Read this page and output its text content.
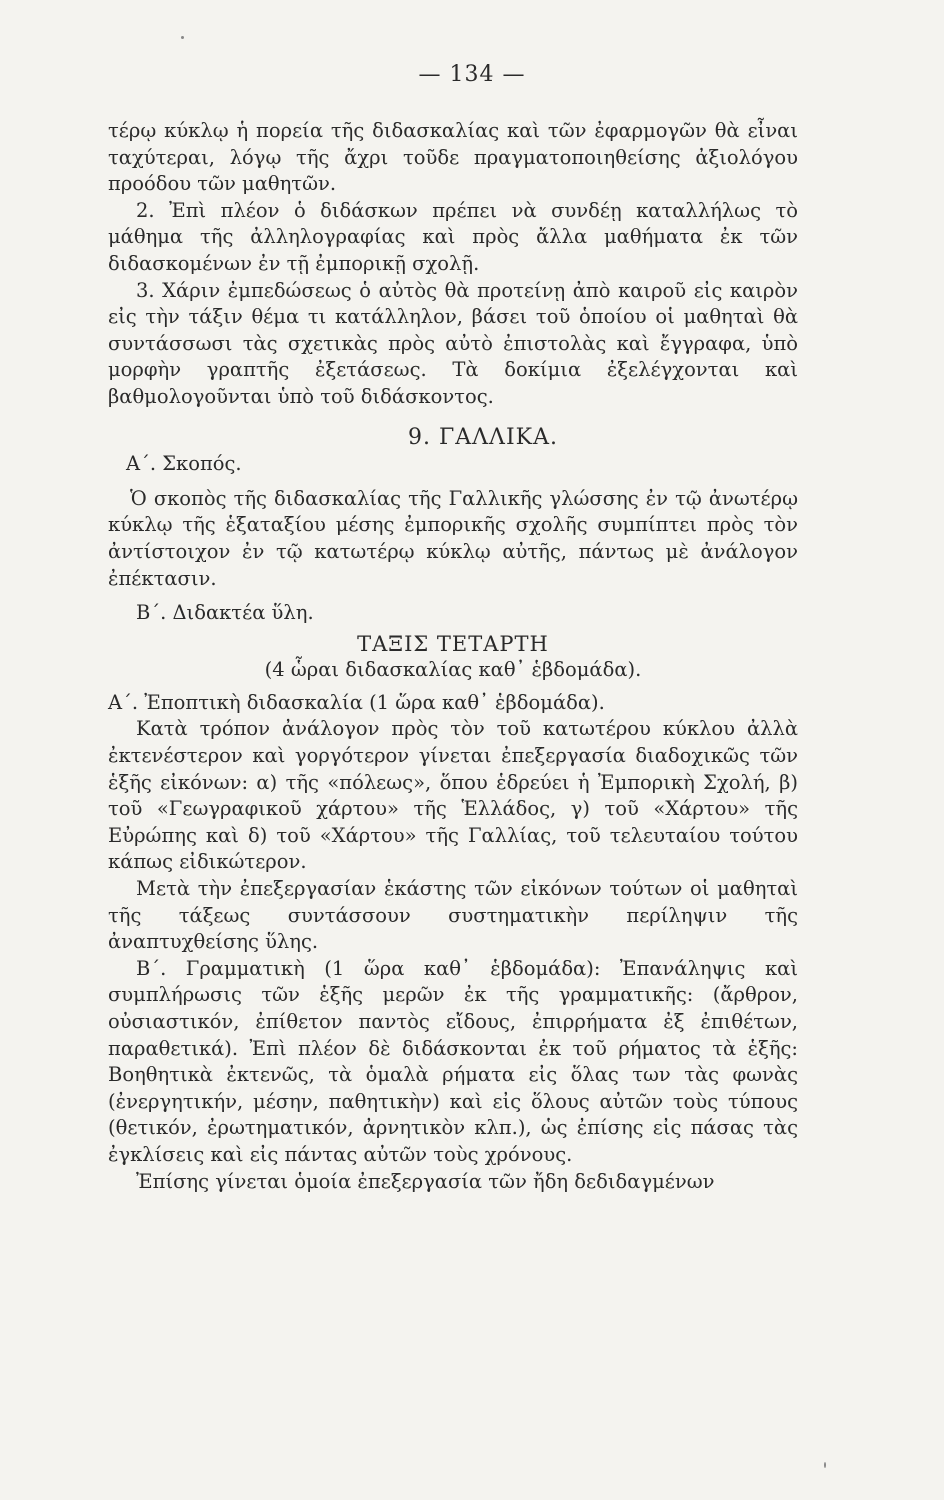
— 134 —

τέρῳ κύκλῳ ἡ πορεία τῆς διδασκαλίας καὶ τῶν ἐφαρμογῶν θὰ εἶναι ταχύτεραι, λόγῳ τῆς ἄχρι τοῦδε πραγματοποιηθείσης ἀξιολόγου προόδου τῶν μαθητῶν.

2. Ἐπὶ πλέον ὁ διδάσκων πρέπει νὰ συνδέῃ καταλλήλως τὸ μάθημα τῆς ἀλληλογραφίας καὶ πρὸς ἄλλα μαθήματα ἐκ τῶν διδασκομένων ἐν τῇ ἐμπορικῇ σχολῇ.

3. Χάριν ἐμπεδώσεως ὁ αὐτὸς θὰ προτείνῃ ἀπὸ καιροῦ εἰς καιρὸν εἰς τὴν τάξιν θέμα τι κατάλληλον, βάσει τοῦ ὁποίου οἱ μαθηταὶ θὰ συντάσσωσι τὰς σχετικὰς πρὸς αὐτὸ ἐπιστολὰς καὶ ἔγγραφα, ὑπὸ μορφὴν γραπτῆς ἐξετάσεως. Τὰ δοκίμια ἐξελέγχονται καὶ βαθμολογοῦνται ὑπὸ τοῦ διδάσκοντος.

9. ΓΑΛΛΙΚΑ.
Α΄. Σκοπός.

Ὁ σκοπὸς τῆς διδασκαλίας τῆς Γαλλικῆς γλώσσης ἐν τῷ ἀνωτέρῳ κύκλῳ τῆς ἑξαταξίου μέσης ἐμπορικῆς σχολῆς συμπίπτει πρὸς τὸν ἀντίστοιχον ἐν τῷ κατωτέρῳ κύκλῳ αὐτῆς, πάντως μὲ ἀνάλογον ἐπέκτασιν.

Β΄. Διδακτέα ὕλη.
ΤΑΞΙΣ ΤΕΤΑΡΤΗ
(4 ὧραι διδασκαλίας καθ᾽ ἑβδομάδα).

Α΄. Ἐποπτικὴ διδασκαλία (1 ὥρα καθ᾽ ἑβδομάδα).

Κατὰ τρόπον ἀνάλογον πρὸς τὸν τοῦ κατωτέρου κύκλου ἀλλὰ ἐκτενέστερον καὶ γοργότερον γίνεται ἐπεξεργασία διαδοχικῶς τῶν ἑξῆς εἰκόνων: α) τῆς «πόλεως», ὅπου ἑδρεύει ἡ Ἐμπορικὴ Σχολή, β) τοῦ «Γεωγραφικοῦ χάρτου» τῆς Ἑλλάδος, γ) τοῦ «Χάρτου» τῆς Εὐρώπης καὶ δ) τοῦ «Χάρτου» τῆς Γαλλίας, τοῦ τελευταίου τούτου κάπως εἰδικώτερον.

Μετὰ τὴν ἐπεξεργασίαν ἑκάστης τῶν εἰκόνων τούτων οἱ μαθηταὶ τῆς τάξεως συντάσσουν συστηματικὴν περίληψιν τῆς ἀναπτυχθείσης ὕλης.

Β΄. Γραμματικὴ (1 ὥρα καθ᾽ ἑβδομάδα): Ἐπανάληψις καὶ συμπλήρωσις τῶν ἑξῆς μερῶν ἐκ τῆς γραμματικῆς: (ἄρθρον, οὐσιαστικόν, ἐπίθετον παντὸς εἴδους, ἐπιρρήματα ἐξ ἐπιθέτων, παραθετικά). Ἐπὶ πλέον δὲ διδάσκονται ἐκ τοῦ ρήματος τὰ ἑξῆς: Βοηθητικὰ ἐκτενῶς, τὰ ὁμαλὰ ρήματα εἰς ὅλας των τὰς φωνὰς (ἐνεργητικήν, μέσην, παθητικὴν) καὶ εἰς ὅλους αὐτῶν τοὺς τύπους (θετικόν, ἐρωτηματικόν, ἀρνητικὸν κλπ.), ὡς ἐπίσης εἰς πάσας τὰς ἐγκλίσεις καὶ εἰς πάντας αὐτῶν τοὺς χρόνους.

Ἐπίσης γίνεται ὁμοία ἐπεξεργασία τῶν ἤδη δεδιδαγμένων
